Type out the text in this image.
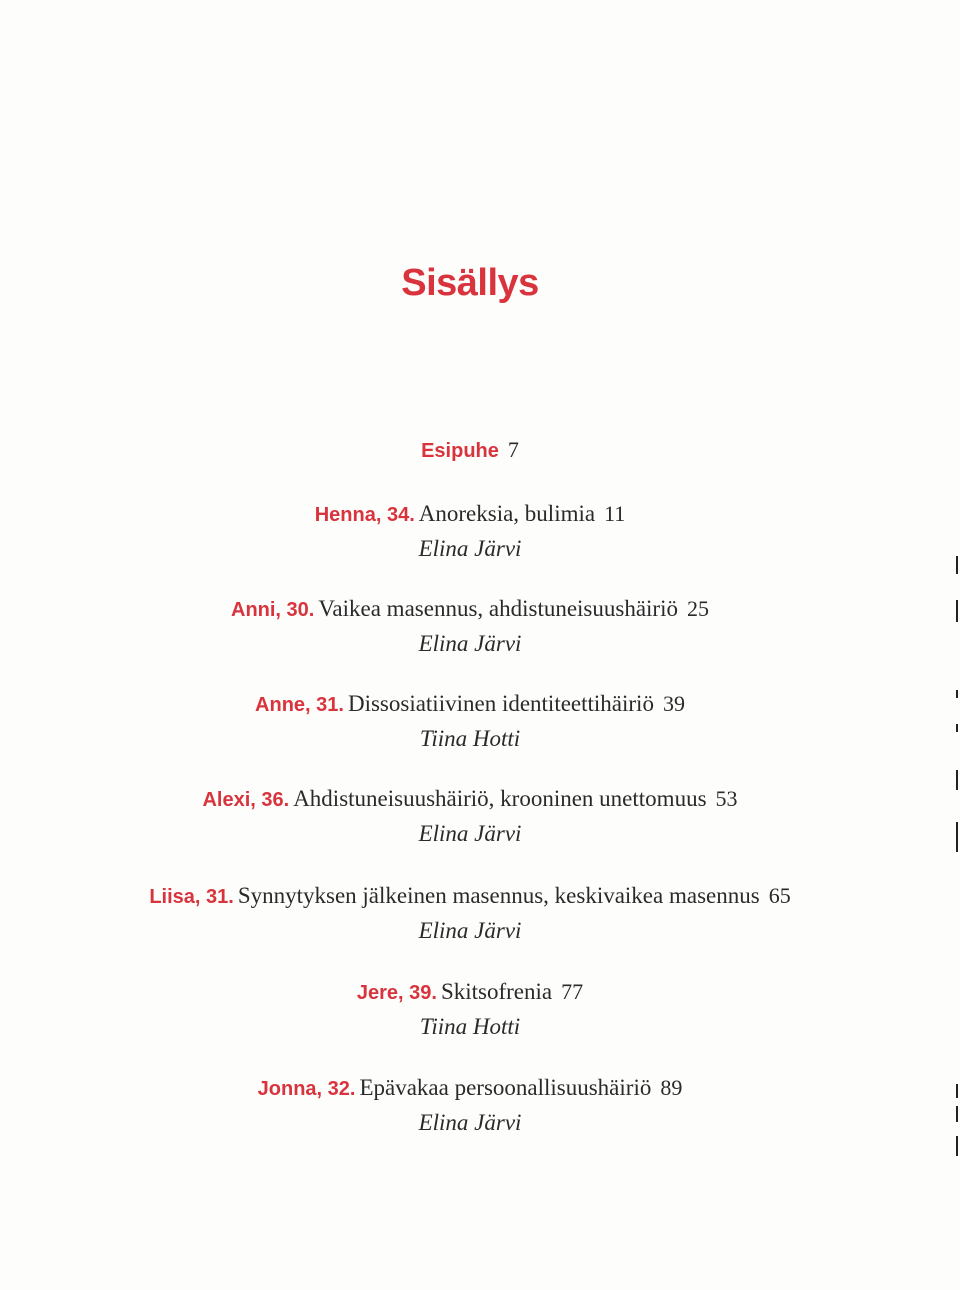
Sisällys
Esipuhe 7
Henna, 34. Anoreksia, bulimia 11
Elina Järvi
Anni, 30. Vaikea masennus, ahdistuneisuushäiriö 25
Elina Järvi
Anne, 31. Dissosiatiivinen identiteettihäiriö 39
Tiina Hotti
Alexi, 36. Ahdistuneisuushäiriö, krooninen unettomuus 53
Elina Järvi
Liisa, 31. Synnytyksen jälkeinen masennus, keskivaikea masennus 65
Elina Järvi
Jere, 39. Skitsofrenia 77
Tiina Hotti
Jonna, 32. Epävakaa persoonallisuushäiriö 89
Elina Järvi
